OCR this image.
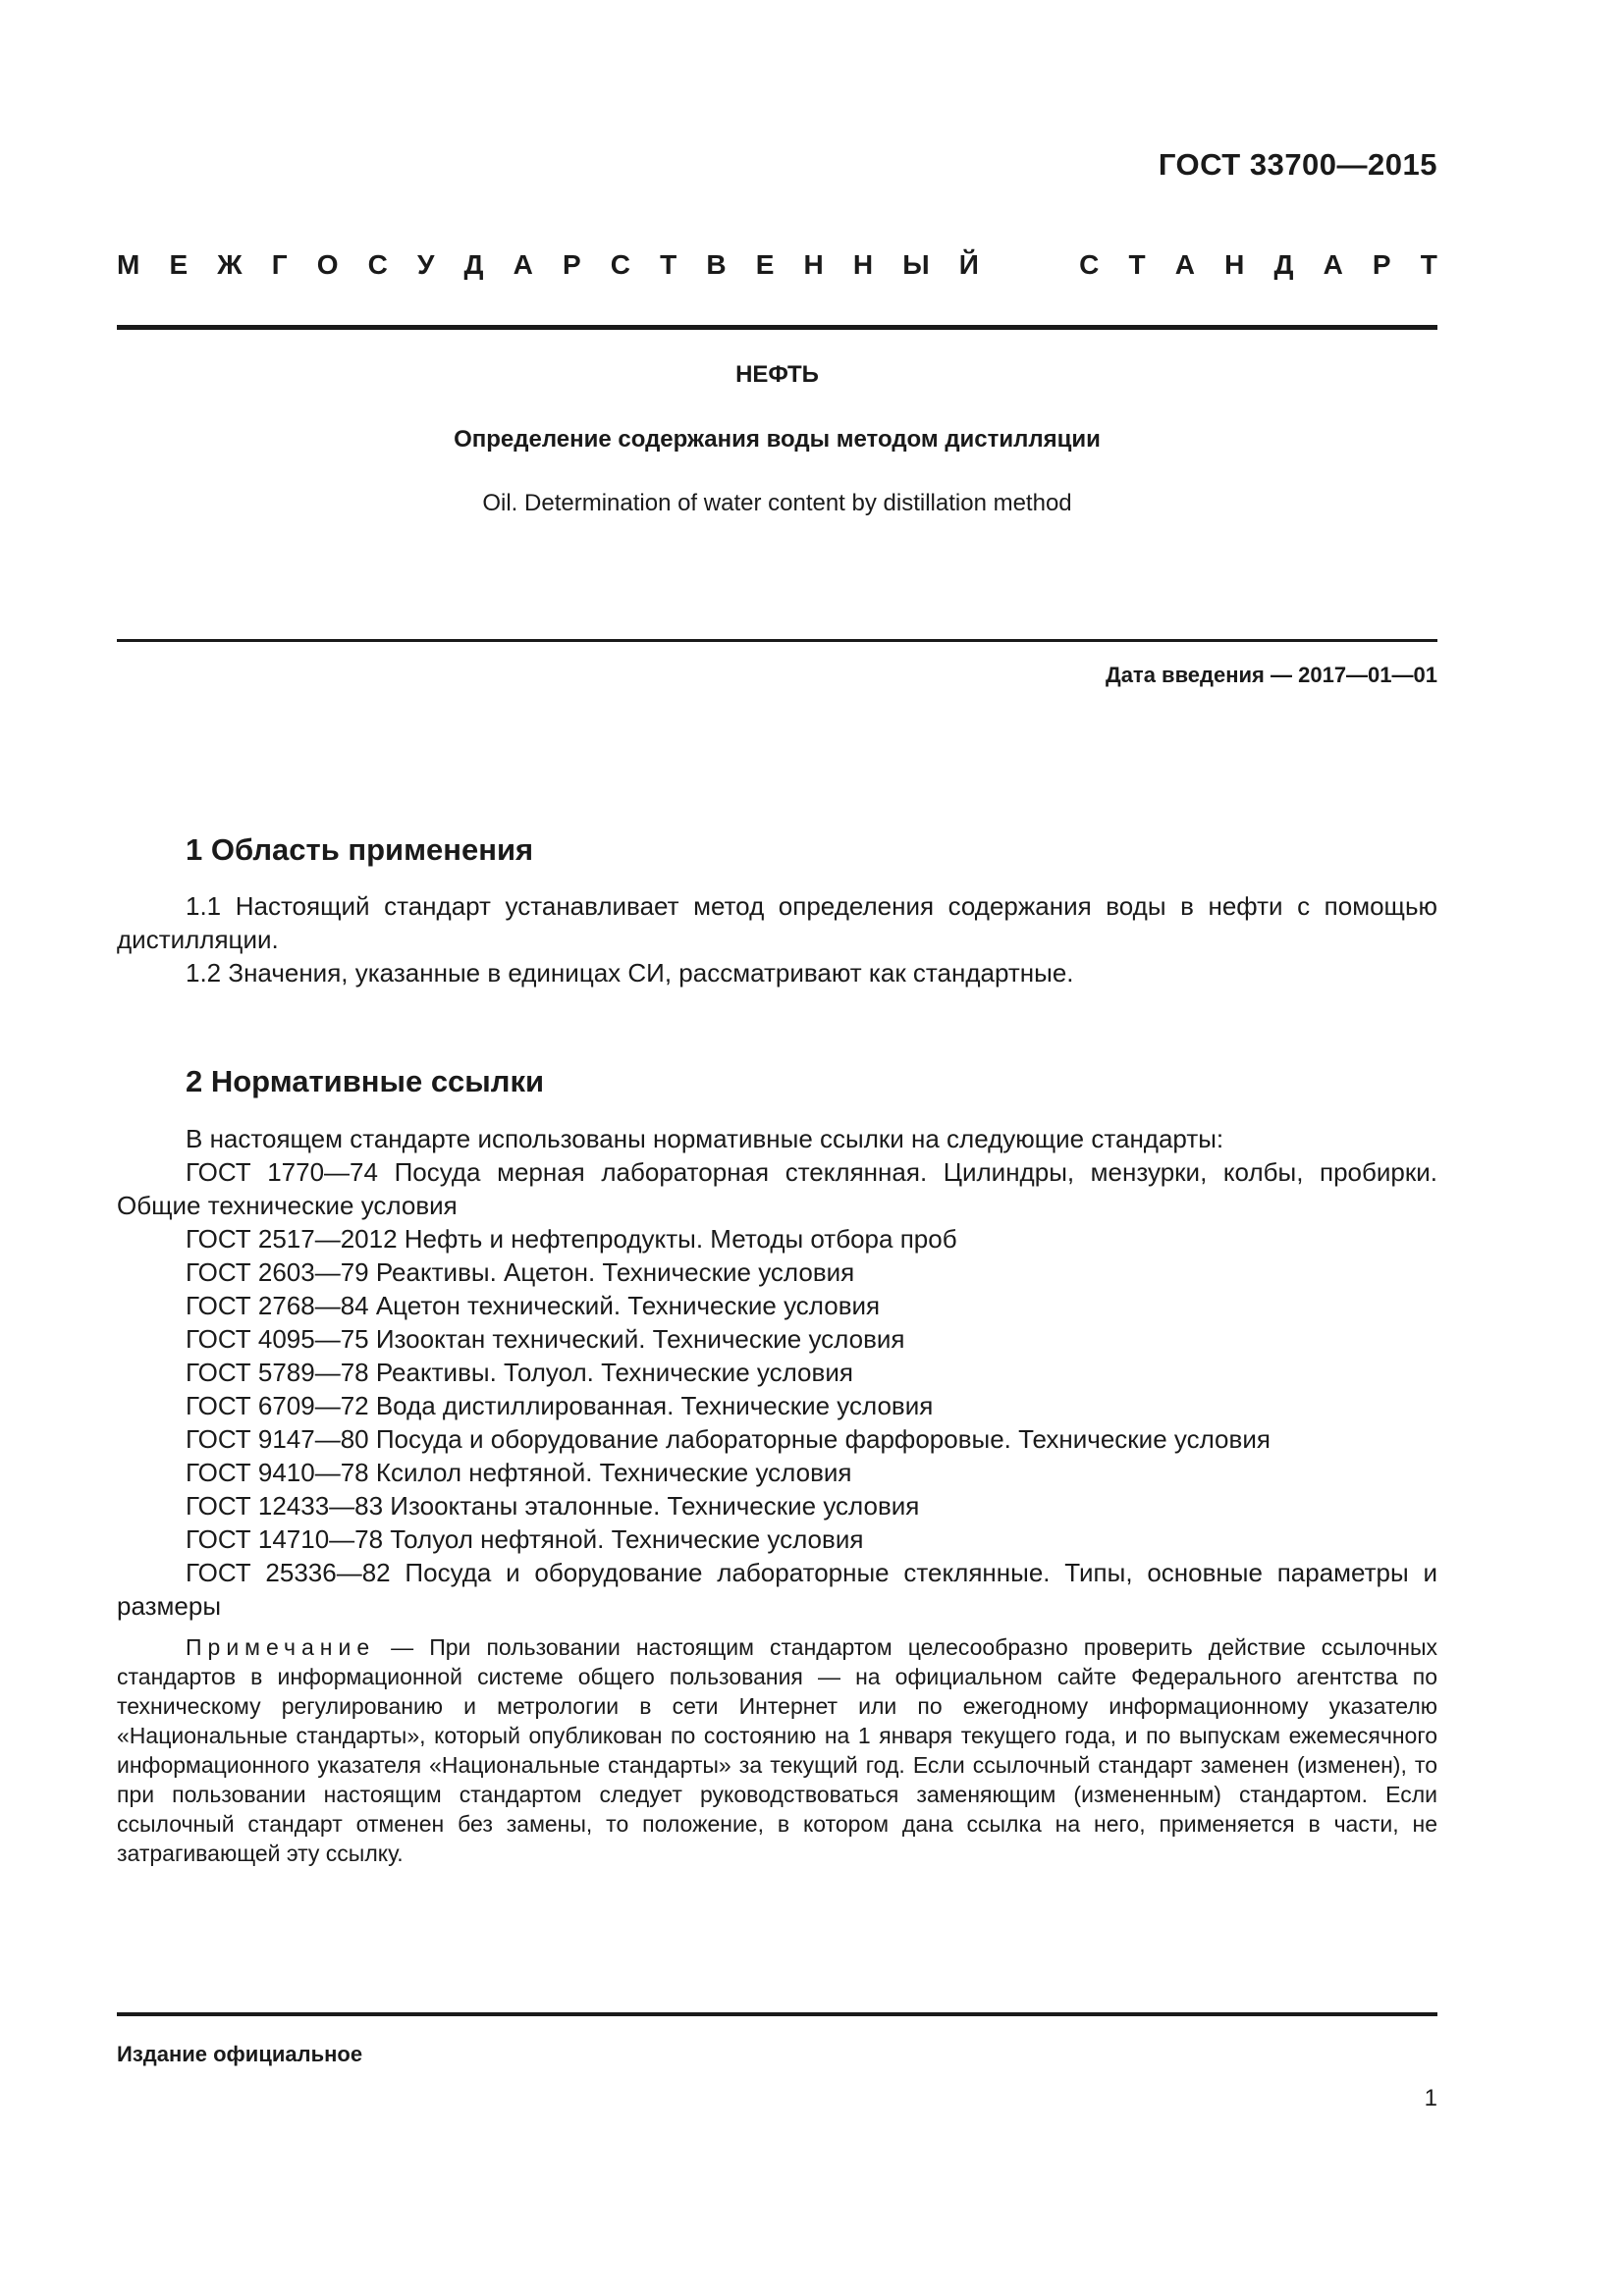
ГОСТ 33700—2015
М Е Ж Г О С У Д А Р С Т В Е Н Н Ы Й	С Т А Н Д А Р Т
НЕФТЬ
Определение содержания воды методом дистилляции
Oil. Determination of water content by distillation method
Дата введения — 2017—01—01
1 Область применения

1.1 Настоящий стандарт устанавливает метод определения содержания воды в нефти с помощью дистилляции.

1.2 Значения, указанные в единицах СИ, рассматривают как стандартные.

2 Нормативные ссылки

В настоящем стандарте использованы нормативные ссылки на следующие стандарты:

ГОСТ 1770—74 Посуда мерная лабораторная стеклянная. Цилиндры, мензурки, колбы, пробирки. Общие технические условия

ГОСТ 2517—2012 Нефть и нефтепродукты. Методы отбора проб

ГОСТ 2603—79 Реактивы. Ацетон. Технические условия

ГОСТ 2768—84 Ацетон технический. Технические условия

ГОСТ 4095—75 Изооктан технический. Технические условия

ГОСТ 5789—78 Реактивы. Толуол. Технические условия

ГОСТ 6709—72 Вода дистиллированная. Технические условия

ГОСТ 9147—80 Посуда и оборудование лабораторные фарфоровые. Технические условия

ГОСТ 9410—78 Ксилол нефтяной. Технические условия

ГОСТ 12433—83 Изооктаны эталонные. Технические условия

ГОСТ 14710—78 Толуол нефтяной. Технические условия

ГОСТ 25336—82 Посуда и оборудование лабораторные стеклянные. Типы, основные параметры и размеры

Примечание — При пользовании настоящим стандартом целесообразно проверить действие ссылочных стандартов в информационной системе общего пользования — на официальном сайте Федерального агентства по техническому регулированию и метрологии в сети Интернет или по ежегодному информационному указателю «Национальные стандарты», который опубликован по состоянию на 1 января текущего года, и по выпускам ежемесячного информационного указателя «Национальные стандарты» за текущий год. Если ссылочный стандарт заменен (изменен), то при пользовании настоящим стандартом следует руководствоваться заменяющим (измененным) стандартом. Если ссылочный стандарт отменен без замены, то положение, в котором дана ссылка на него, применяется в части, не затрагивающей эту ссылку.

Издание официальное
1
